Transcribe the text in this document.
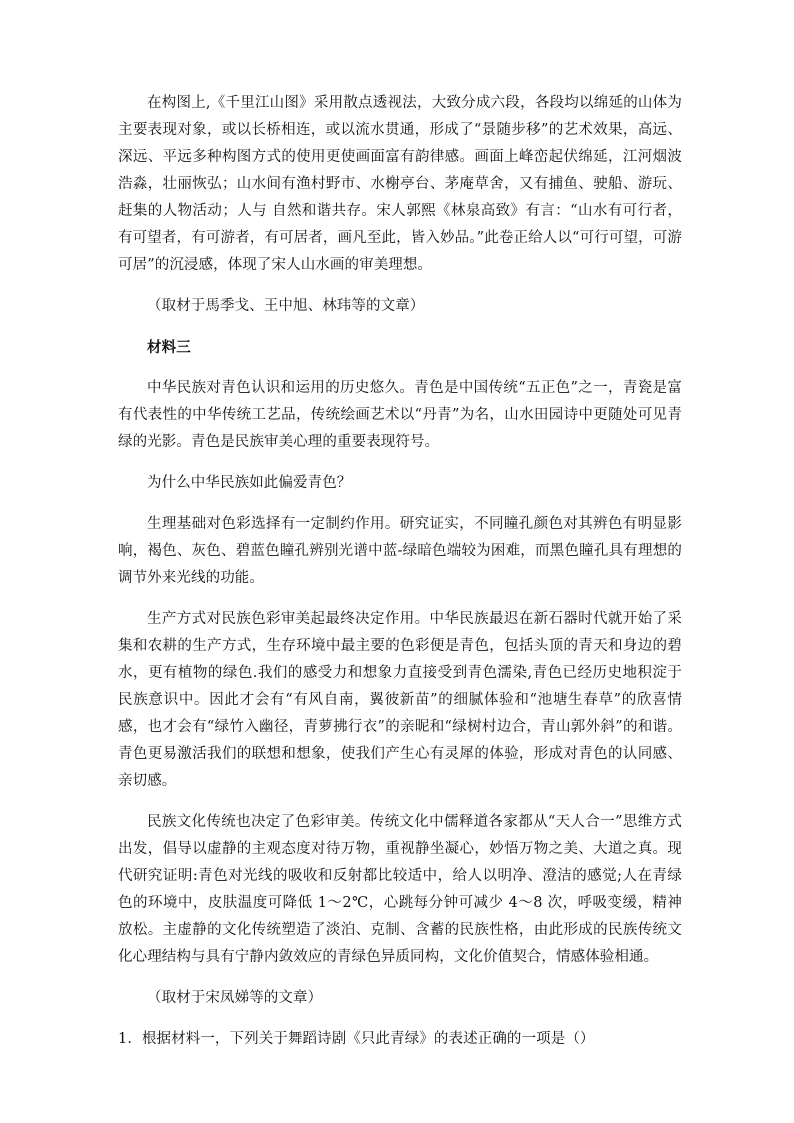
在构图上,《千里江山图》采用散点透视法，大致分成六段，各段均以绵延的山体为主要表现对象，或以长桥相连，或以流水贯通，形成了“景随步移”的艺术效果，高远、深远、平远多种构图方式的使用更使画面富有韵律感。画面上峰峦起伏绵延，江河烟波浩淼，壮丽恢弘；山水间有渔村野市、水榭亭台、茅庵草舍，又有捕鱼、驶船、游玩、赶集的人物活动；人与 自然和谐共存。宋人郭熙《林泉高致》有言：“山水有可行者，有可望者，有可游者，有可居者，画凡至此，皆入妙品。”此卷正给人以“可行可望，可游可居”的沉浸感，体现了宋人山水画的审美理想。

（取材于馬季戈、王中旭、林玮等的文章）

材料三

中华民族对青色认识和运用的历史悠久。青色是中国传统“五正色”之一，青瓷是富有代表性的中华传统工艺品，传统绘画艺术以“丹青”为名，山水田园诗中更随处可见青绿的光影。青色是民族审美心理的重要表现符号。

为什么中华民族如此偏爱青色？

生理基础对色彩选择有一定制约作用。研究证实，不同瞳孔颜色对其辨色有明显影响，褐色、灰色、碧蓝色瞳孔辨别光谱中蓝-绿暗色端较为困难，而黑色瞳孔具有理想的调节外来光线的功能。

生产方式对民族色彩审美起最终决定作用。中华民族最迟在新石器时代就开始了采集和农耕的生产方式，生存环境中最主要的色彩便是青色，包括头顶的青天和身边的碧水，更有植物的绿色.我们的感受力和想象力直接受到青色濡染,青色已经历史地积淀于民族意识中。因此才会有“有风自南，翼彼新苗”的细腻体验和“池塘生春草”的欣喜情感，也才会有“绿竹入幽径，青萝拂行衣”的亲昵和“绿树村边合，青山郭外斜”的和谐。青色更易激活我们的联想和想象，使我们产生心有灵犀的体验，形成对青色的认同感、亲切感。

民族文化传统也决定了色彩审美。传统文化中儒释道各家都从“天人合一”思维方式出发，倡导以虚静的主观态度对待万物，重视静坐凝心，妙悟万物之美、大道之真。现代研究证明:青色对光线的吸收和反射都比较适中，给人以明净、澄洁的感觉;人在青绿色的环境中，皮肤温度可降低 1～2℃，心跳每分钟可减少 4～8 次，呼吸变缓，精神放松。主虚静的文化传统塑造了淡泊、克制、含蓄的民族性格，由此形成的民族传统文化心理结构与具有宁静内敛效应的青绿色异质同构，文化价值契合，情感体验相通。

（取材于宋凤娣等的文章）

1．根据材料一，下列关于舞蹈诗剧《只此青绿》的表述正确的一项是（）
